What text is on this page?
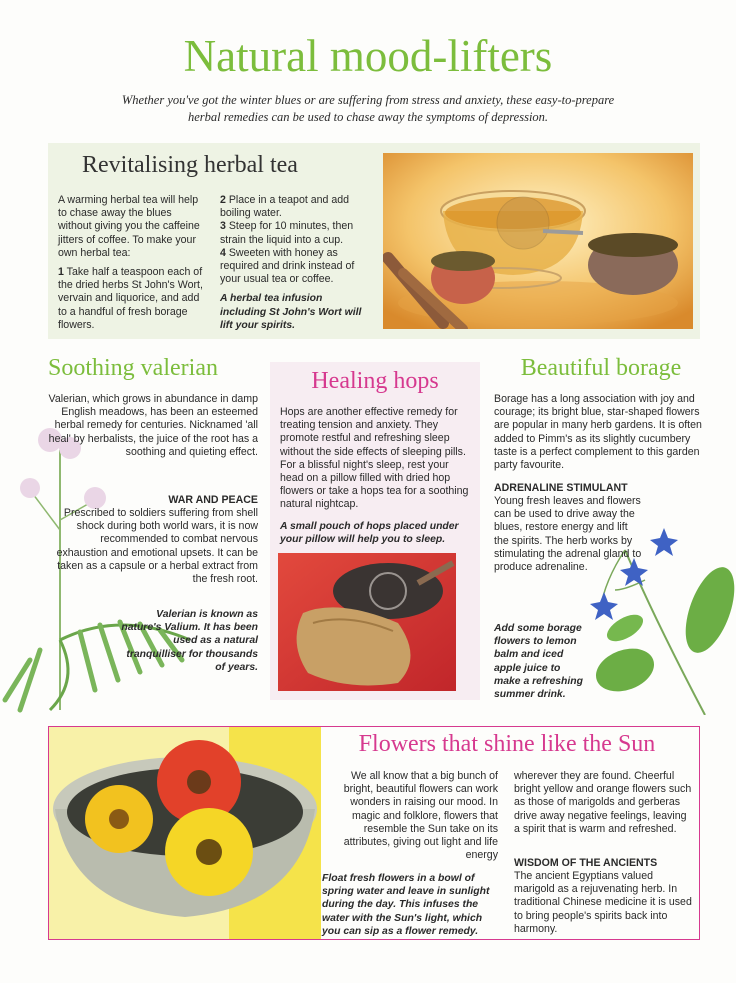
Natural mood-lifters
Whether you've got the winter blues or are suffering from stress and anxiety, these easy-to-prepare herbal remedies can be used to chase away the symptoms of depression.
Revitalising herbal tea

A warming herbal tea will help to chase away the blues without giving you the caffeine jitters of coffee. To make your own herbal tea:

1 Take half a teaspoon each of the dried herbs St John's Wort, vervain and liquorice, and add to a handful of fresh borage flowers.

2 Place in a teapot and add boiling water.

3 Steep for 10 minutes, then strain the liquid into a cup.

4 Sweeten with honey as required and drink instead of your usual tea or coffee.

A herbal tea infusion including St John's Wort will lift your spirits.

Soothing valerian

Valerian, which grows in abundance in damp English meadows, has been an esteemed herbal remedy for centuries. Nicknamed 'all heal' by herbalists, the juice of the root has a soothing and quieting effect.

WAR AND PEACE

Prescribed to soldiers suffering from shell shock during both world wars, it is now recommended to combat nervous exhaustion and emotional upsets. It can be taken as a capsule or a herbal extract from the fresh root.

Valerian is known as nature's Valium. It has been used as a natural tranquilliser for thousands of years.

Healing hops

Hops are another effective remedy for treating tension and anxiety. They promote restful and refreshing sleep without the side effects of sleeping pills. For a blissful night's sleep, rest your head on a pillow filled with dried hop flowers or take a hops tea for a soothing natural nightcap.

A small pouch of hops placed under your pillow will help you to sleep.

Beautiful borage

Borage has a long association with joy and courage; its bright blue, star-shaped flowers are popular in many herb gardens. It is often added to Pimm's as its slightly cucumbery taste is a perfect complement to this garden party favourite.

ADRENALINE STIMULANT

Young fresh leaves and flowers can be used to drive away the blues, restore energy and lift the spirits. The herb works by stimulating the adrenal gland to produce adrenaline.

Add some borage flowers to lemon balm and iced apple juice to make a refreshing summer drink.

Flowers that shine like the Sun

We all know that a big bunch of bright, beautiful flowers can work wonders in raising our mood. In magic and folklore, flowers that resemble the Sun take on its attributes, giving out light and life energy

Float fresh flowers in a bowl of spring water and leave in sunlight during the day. This infuses the water with the Sun's light, which you can sip as a flower remedy.

wherever they are found. Cheerful bright yellow and orange flowers such as those of marigolds and gerberas drive away negative feelings, leaving a spirit that is warm and refreshed.

WISDOM OF THE ANCIENTS

The ancient Egyptians valued marigold as a rejuvenating herb. In traditional Chinese medicine it is used to bring people's spirits back into harmony.
